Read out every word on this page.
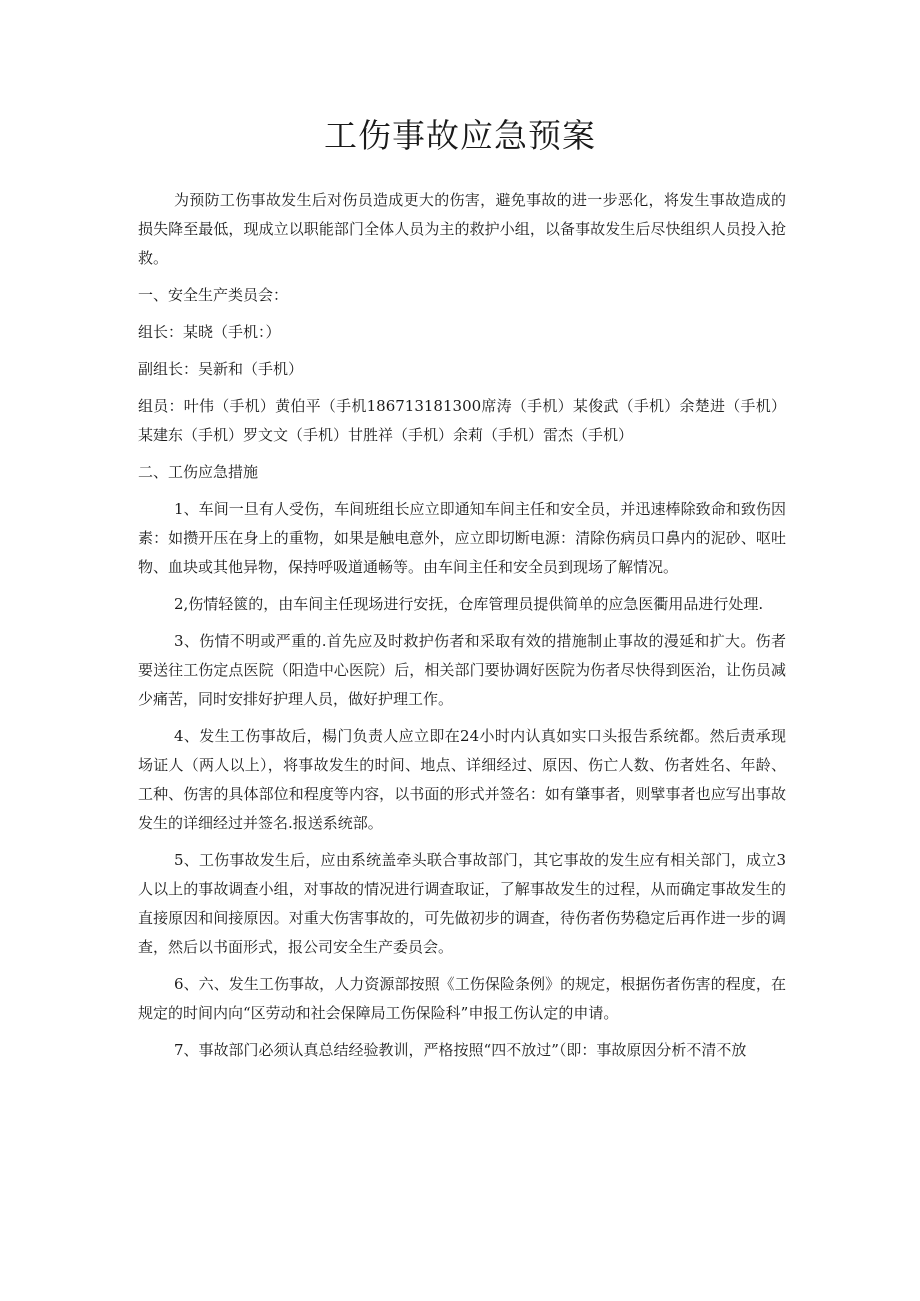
工伤事故应急预案

为预防工伤事故发生后对伤员造成更大的伤害，避免事故的进一步恶化，将发生事故造成的损失降至最低，现成立以职能部门全体人员为主的救护小组，以备事故发生后尽快组织人员投入抢救。

一、安全生产类员会：

组长：某晓（手机：）

副组长：吴新和（手机）

组员：叶伟（手机）黄伯平（手机186713181300席涛（手机）某俊武（手机）余楚进（手机）某建东（手机）罗文文（手机）甘胜祥（手机）余莉（手机）雷杰（手机）

二、工伤应急措施

1、车间一旦有人受伤，车间班组长应立即通知车间主任和安全员，并迅速棒除致命和致伤因素：如攒开压在身上的重物，如果是触电意外，应立即切断电源：清除伤病员口鼻内的泥砂、呕吐物、血块或其他异物，保持呼吸道通畅等。由车间主任和安全员到现场了解情况。

2,伤情轻篋的，由车间主任现场进行安抚，仓库管理员提供简单的应急医衢用品进行处理.

3、伤情不明或严重的.首先应及时救护伤者和采取有效的措施制止事故的漫延和扩大。伤者要送往工伤定点医院（阳造中心医院）后，相关部门要协调好医院为伤者尽快得到医治，让伤员减少痛苦，同时安排好护理人员，做好护理工作。

4、发生工伤事故后，楊门负责人应立即在24小时内认真如实口头报告系统都。然后责承现场证人（两人以上），将事故发生的时间、地点、详细经过、原因、伤亡人数、伤者姓名、年龄、工种、伤害的具体部位和程度等内容，以书面的形式并签名：如有肇事者，则擘事者也应写出事故发生的详细经过并签名.报送系统部。

5、工伤事故发生后，应由系统盖牵头联合事故部门，其它事故的发生应有相关部门，成立3人以上的事故调查小组，对事故的情况进行调查取证，了解事故发生的过程，从而确定事故发生的直接原因和间接原因。对重大伤害事故的，可先做初步的调查，待伤者伤势稳定后再作进一步的调查，然后以书面形式，报公司安全生产委员会。

6、六、发生工伤事故，人力资源部按照《工伤保险条例》的规定，根据伤者伤害的程度，在规定的时间内向“区劳动和社会保障局工伤保险科”申报工伤认定的申请。

7、事故部门必须认真总结经验教训，严格按照“四不放过”（即：事故原因分析不清不放
